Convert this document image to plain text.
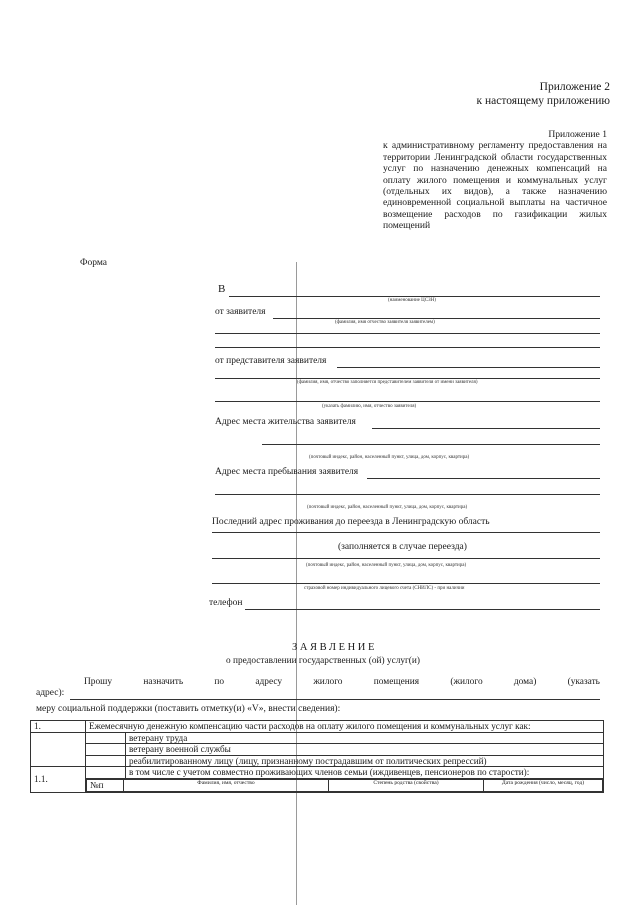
Приложение 2
к настоящему приложению
Приложение 1
к административному регламенту предоставления на территории Ленинградской области государственных услуг по назначению денежных компенсаций на оплату жилого помещения и коммунальных услуг (отдельных их видов), а также назначению единовременной социальной выплаты на частичное возмещение расходов по газификации жилых помещений
Форма
В
(наименование ЦСЗН)
от заявителя
(фамилия, имя отчество заявителя заявителем)
от представителя заявителя
(фамилия, имя, отчество заполняется представителем заявителя от имени заявителя)
(указать фамилию, имя, отчество заявителя)
Адрес места жительства заявителя
(почтовый индекс, район, населенный пункт, улица, дом, корпус, квартира)
Адрес места пребывания заявителя
(почтовый индекс, район, населенный пункт, улица, дом, корпус, квартира)
Последний адрес проживания до переезда в Ленинградскую область
(заполняется в случае переезда)
(почтовый индекс, район, населенный пункт, улица, дом, корпус, квартира)
страховой номер индивидуального лицевого счета (СНИЛС) - при наличии
телефон
ЗАЯВЛЕНИЕ
о предоставлении государственных (ой) услуг(и)
Прошу	назначить	по	адресу	жилого	помещения	(жилого	дома)	(указать
адрес):
меру социальной поддержки (поставить отметку(и) «V», внести сведения):
1.	Ежемесячную денежную компенсацию части расходов на оплату жилого помещения и коммунальных услуг как:
		ветерану труда
		ветерану военной службы
		реабилитированному лицу (лицу, признанному пострадавшим от политических репрессий)
1.1.		в том числе с учетом совместно проживающих членов семьи (иждивенцев, пенсионеров по старости):

№п	Фамилия, имя, отчество	Степень родства (свойства)	Дата рождения (число, месяц, год)
